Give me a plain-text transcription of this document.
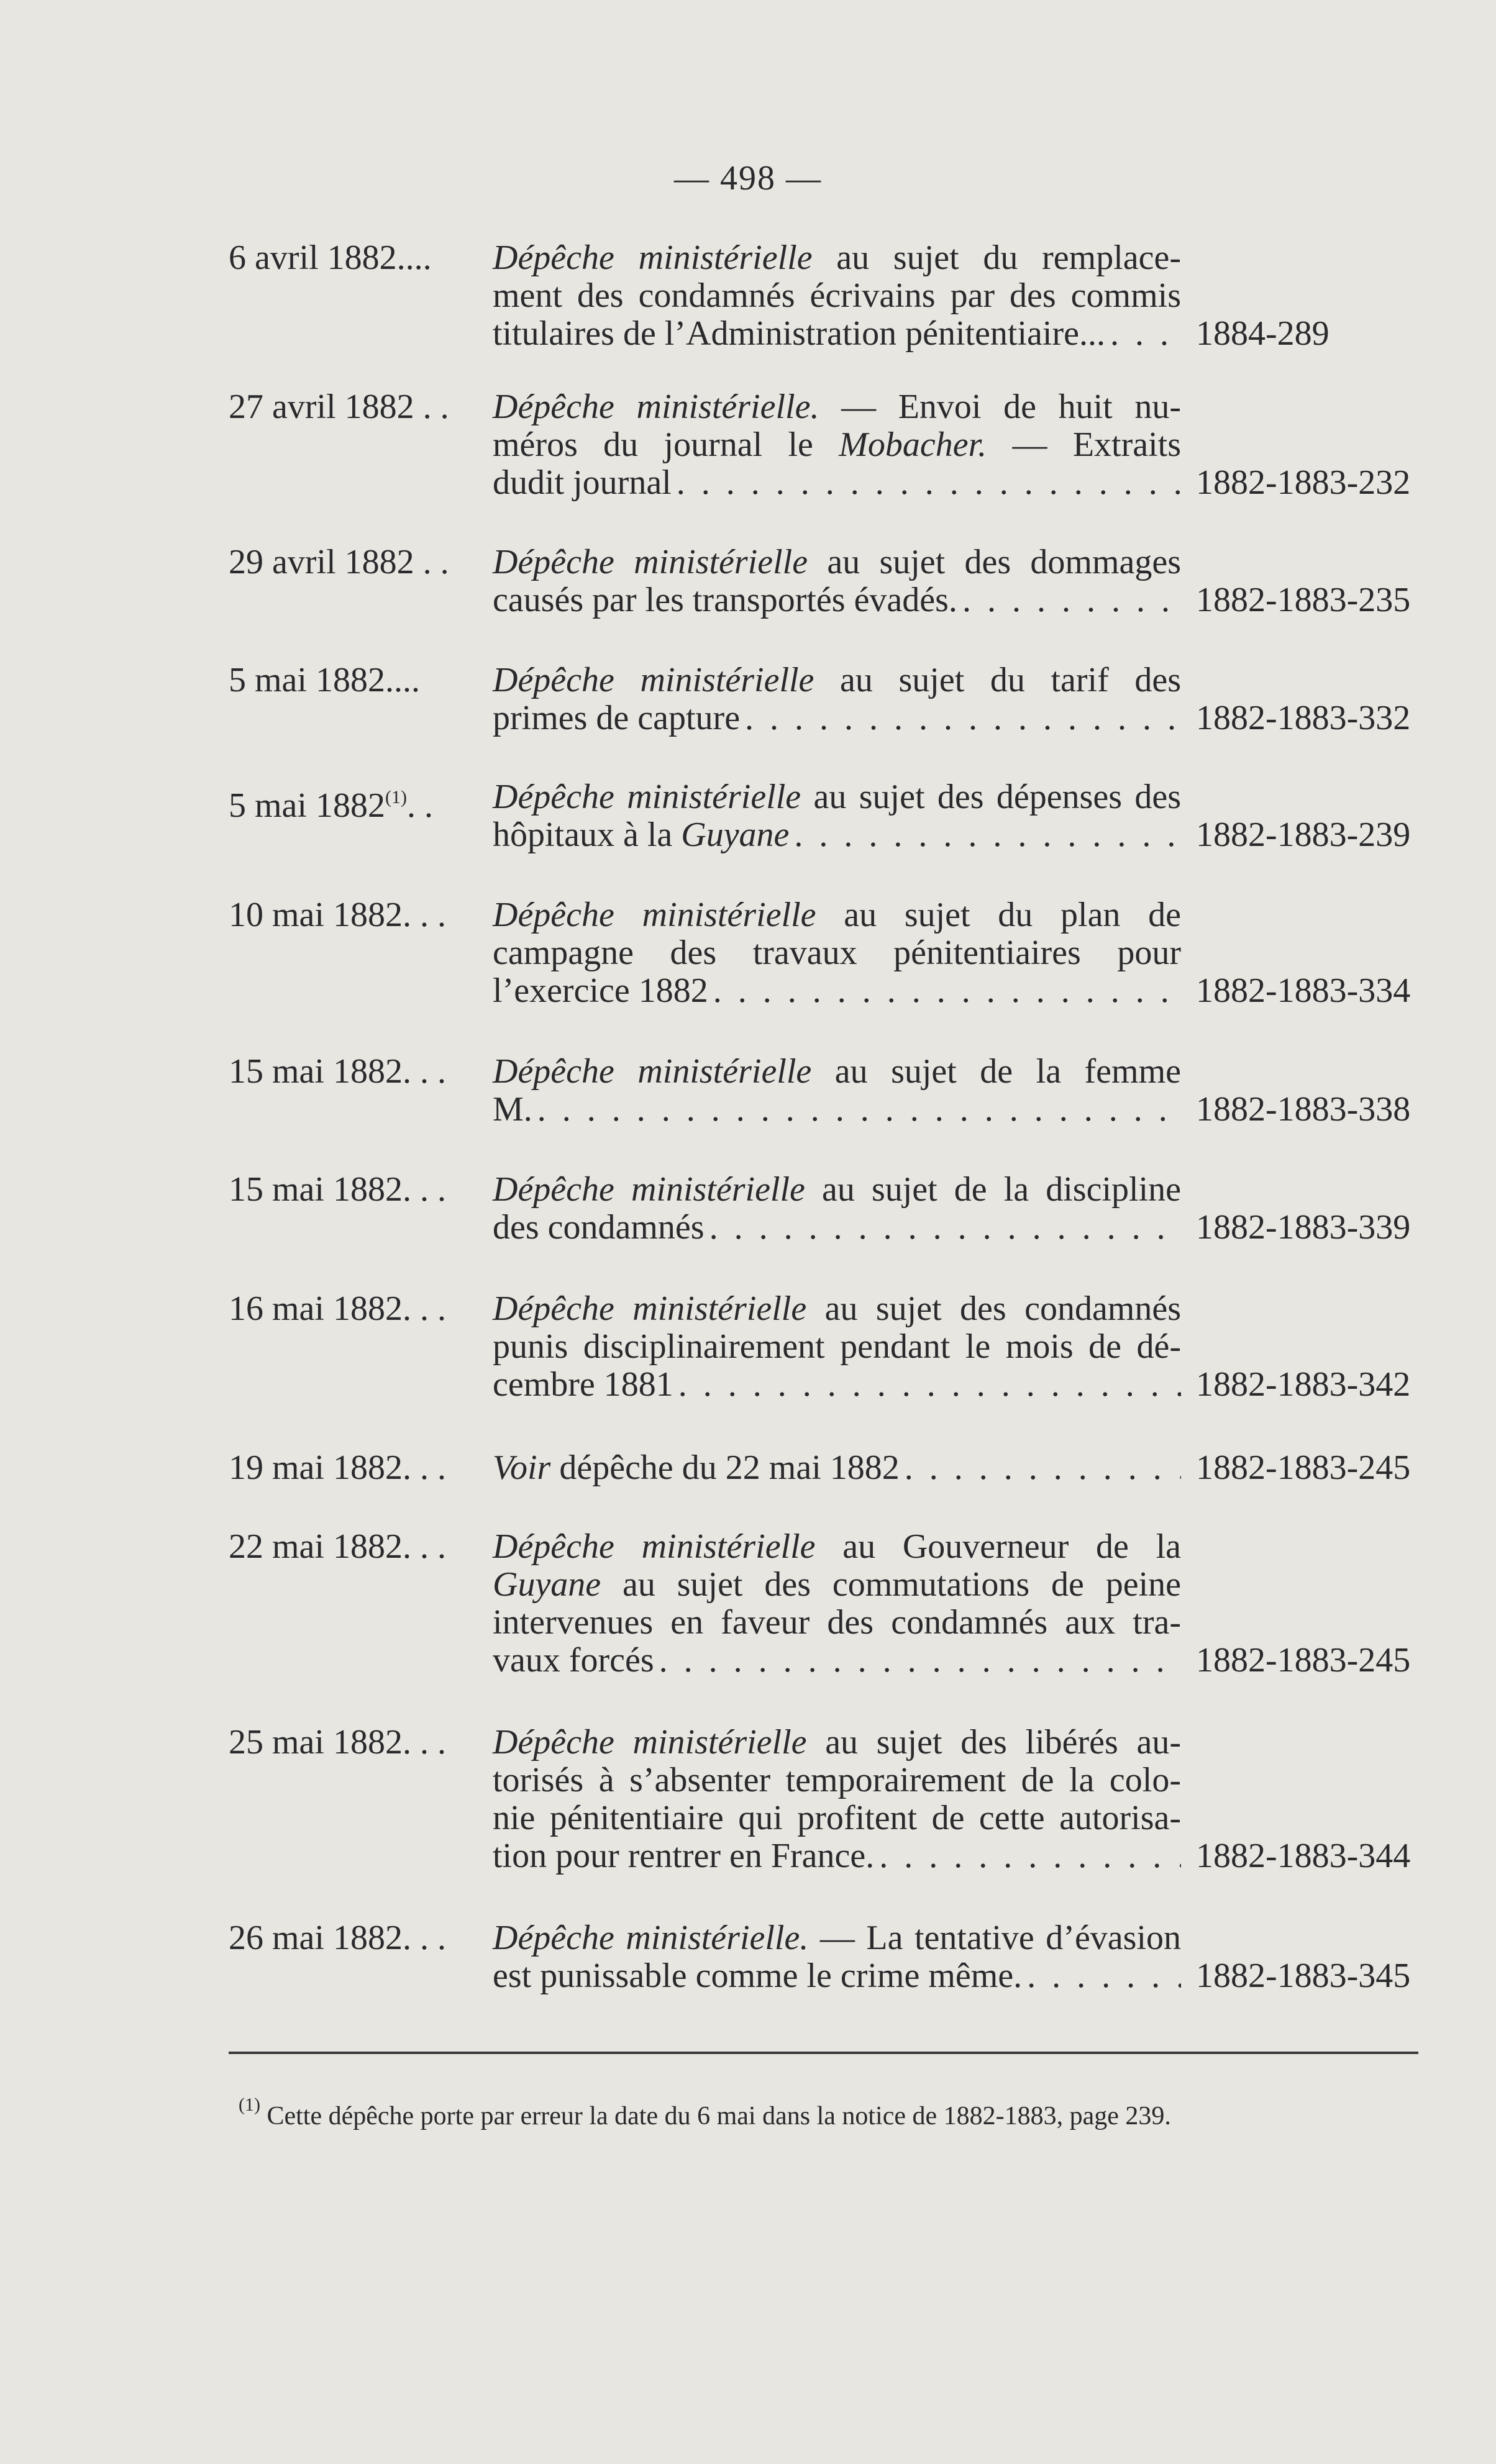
— 498 —
6 avril 1882.... Dépêche ministérielle au sujet du remplace-
ment des condamnés écrivains par des commis
titulaires de l’Administration pénitentiaire... . . .	1884-289
27 avril 1882 . . Dépêche ministérielle. — Envoi de huit nu-
méros du journal le Mobacher. — Extraits
dudit journal . . .	1882-1883-232
29 avril 1882 . . Dépêche ministérielle au sujet des dommages
causés par les transportés évadés. . . .	1882-1883-235
5 mai 1882.... Dépêche ministérielle au sujet du tarif des
primes de capture . . .	1882-1883-332
5 mai 1882$^{(1)}$. . Dépêche ministérielle au sujet des dépenses des
hôpitaux à la Guyane . . .	1882-1883-239
10 mai 1882. . . Dépêche ministérielle au sujet du plan de
campagne des travaux pénitentiaires pour
l’exercice 1882 . . .	1882-1883-334
15 mai 1882. . . Dépêche ministérielle au sujet de la femme
M. . . .	1882-1883-338
15 mai 1882. . . Dépêche ministérielle au sujet de la discipline
des condamnés . . .	1882-1883-339
16 mai 1882. . . Dépêche ministérielle au sujet des condamnés
punis disciplinairement pendant le mois de dé-
cembre 1881 . . .	1882-1883-342
19 mai 1882. . . Voir dépêche du 22 mai 1882 . . .	1882-1883-245
22 mai 1882. . . Dépêche ministérielle au Gouverneur de la
Guyane au sujet des commutations de peine
intervenues en faveur des condamnés aux tra-
vaux forcés . . .	1882-1883-245
25 mai 1882. . . Dépêche ministérielle au sujet des libérés au-
torisés à s’absenter temporairement de la colo-
nie pénitentiaire qui profitent de cette autorisa-
tion pour rentrer en France. . . .	1882-1883-344
26 mai 1882. . . Dépêche ministérielle. — La tentative d’évasion
est punissable comme le crime même. . . .	1882-1883-345
$^{(1)}$ Cette dépêche porte par erreur la date du 6 mai dans la notice de 1882-1883, page 239.
